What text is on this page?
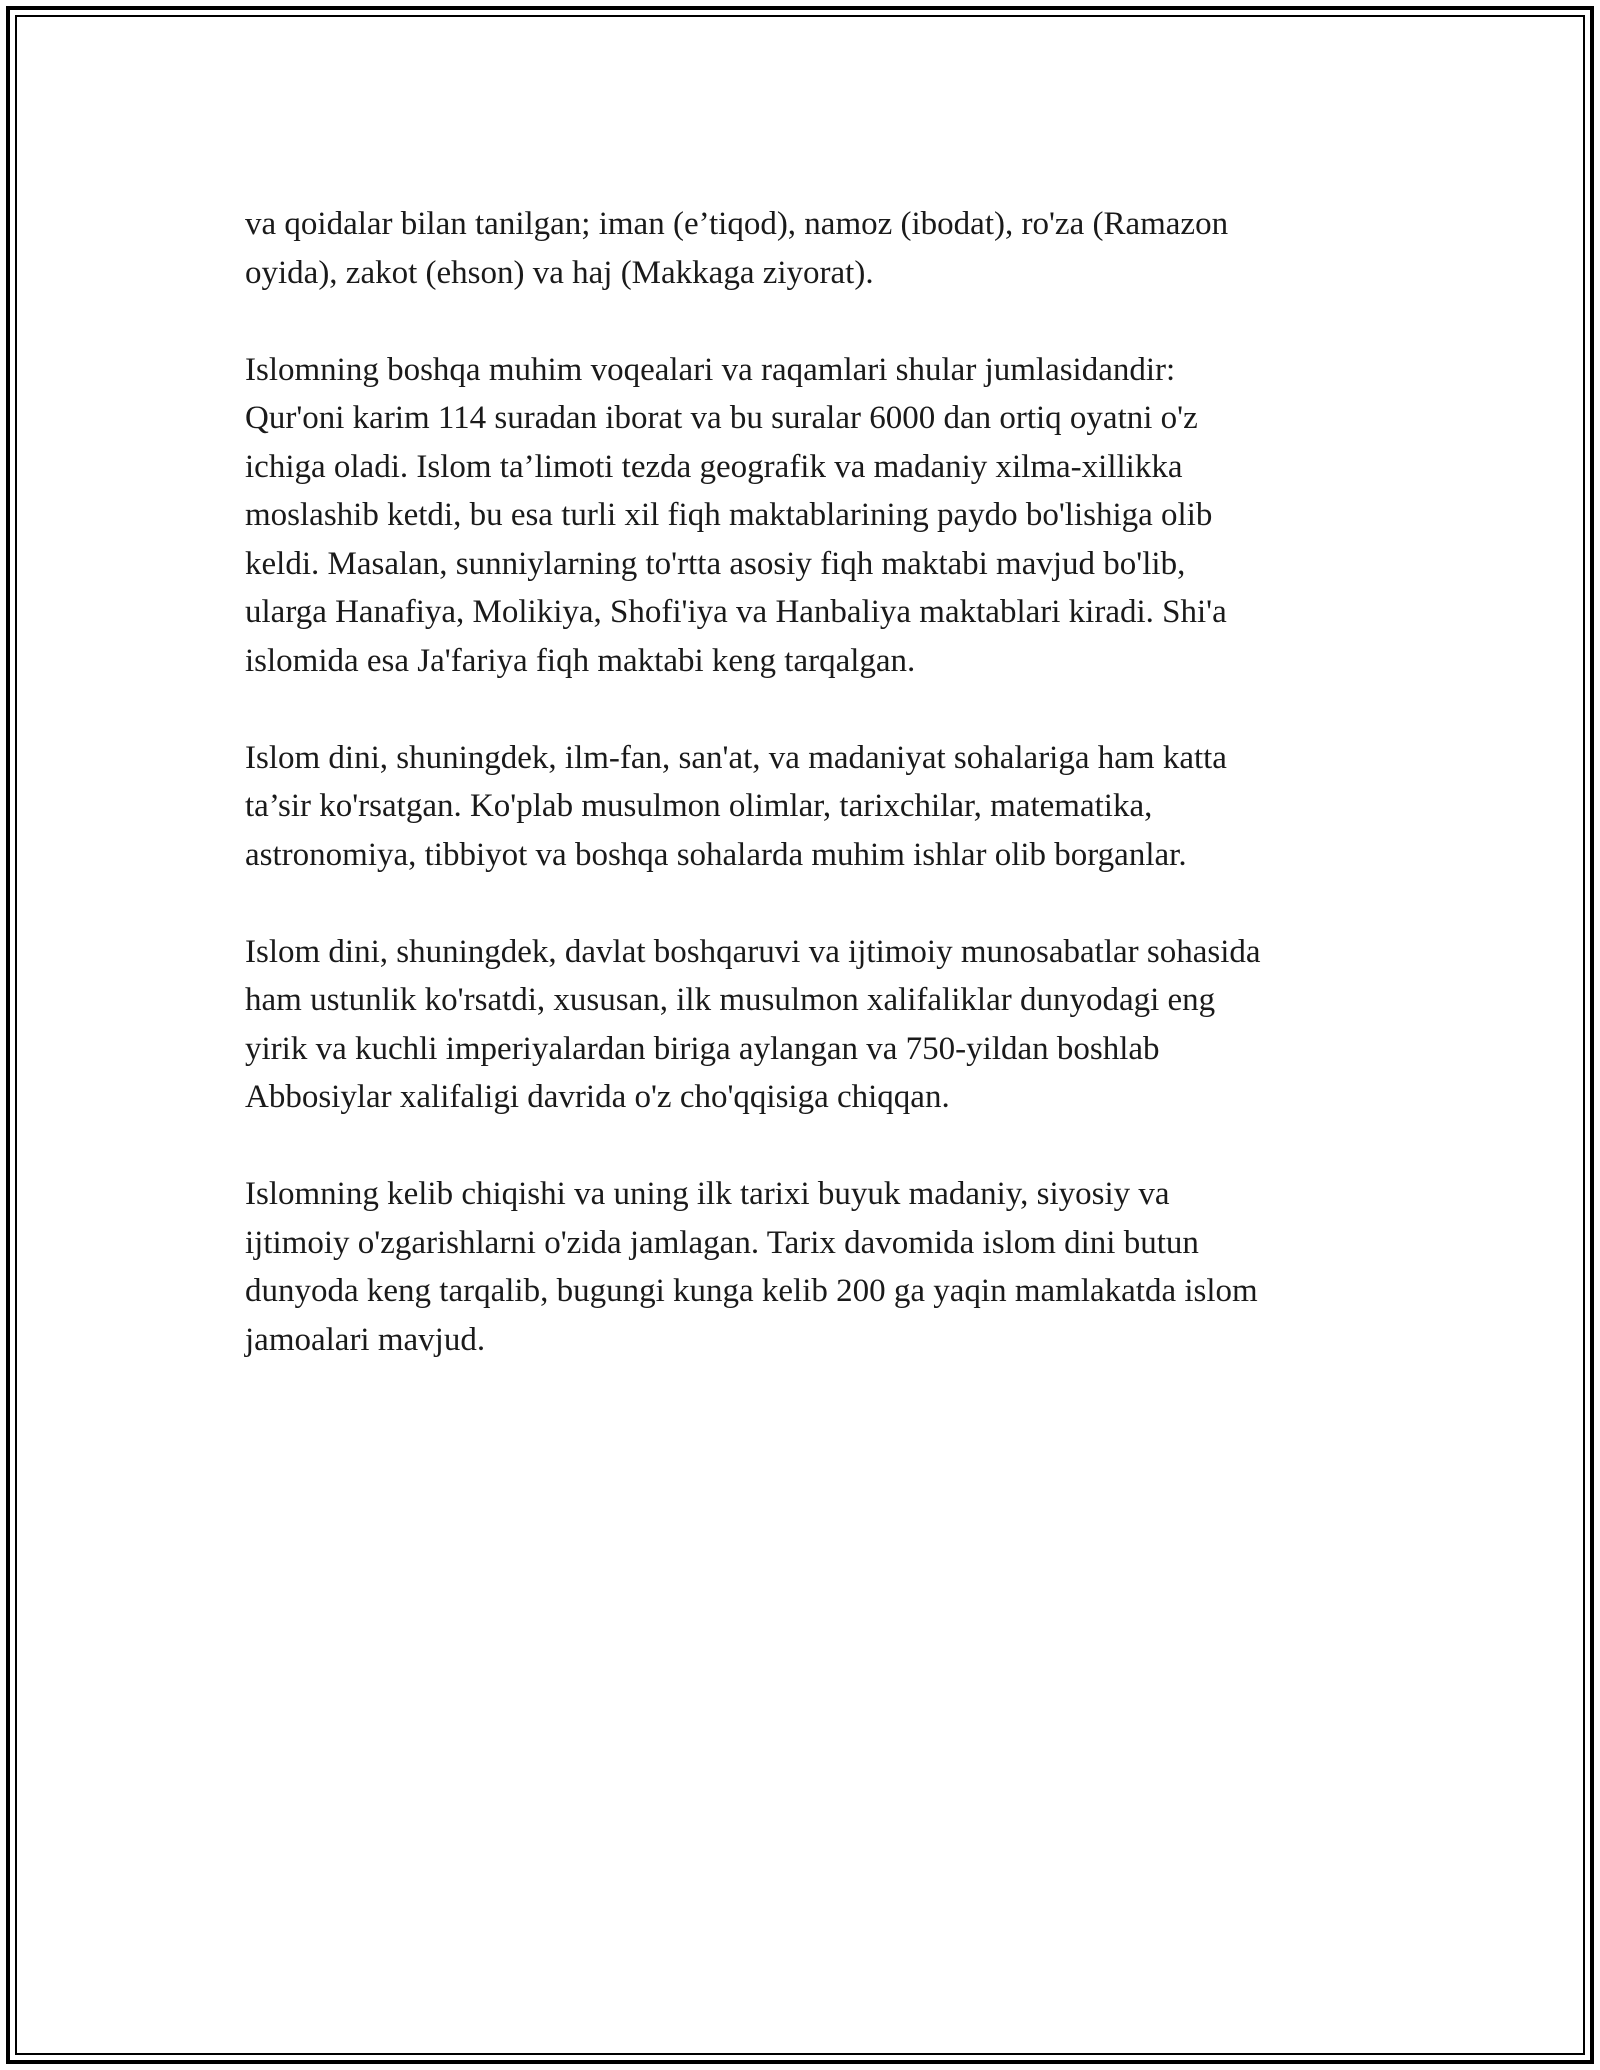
va qoidalar bilan tanilgan; iman (e’tiqod), namoz (ibodat), ro'za (Ramazon
oyida), zakot (ehson) va haj (Makkaga ziyorat).

Islomning boshqa muhim voqealari va raqamlari shular jumlasidandir:
Qur'oni karim 114 suradan iborat va bu suralar 6000 dan ortiq oyatni o'z
ichiga oladi. Islom ta’limoti tezda geografik va madaniy xilma-xillikka
moslashib ketdi, bu esa turli xil fiqh maktablarining paydo bo'lishiga olib
keldi. Masalan, sunniylarning to'rtta asosiy fiqh maktabi mavjud bo'lib,
ularga Hanafiya, Molikiya, Shofi'iya va Hanbaliya maktablari kiradi. Shi'a
islomida esa Ja'fariya fiqh maktabi keng tarqalgan.

Islom dini, shuningdek, ilm-fan, san'at, va madaniyat sohalariga ham katta
ta’sir ko'rsatgan. Ko'plab musulmon olimlar, tarixchilar, matematika,
astronomiya, tibbiyot va boshqa sohalarda muhim ishlar olib borganlar.

Islom dini, shuningdek, davlat boshqaruvi va ijtimoiy munosabatlar sohasida
ham ustunlik ko'rsatdi, xususan, ilk musulmon xalifaliklar dunyodagi eng
yirik va kuchli imperiyalardan biriga aylangan va 750-yildan boshlab
Abbosiylar xalifaligi davrida o'z cho'qqisiga chiqqan.

Islomning kelib chiqishi va uning ilk tarixi buyuk madaniy, siyosiy va
ijtimoiy o'zgarishlarni o'zida jamlagan. Tarix davomida islom dini butun
dunyoda keng tarqalib, bugungi kunga kelib 200 ga yaqin mamlakatda islom
jamoalari mavjud.
